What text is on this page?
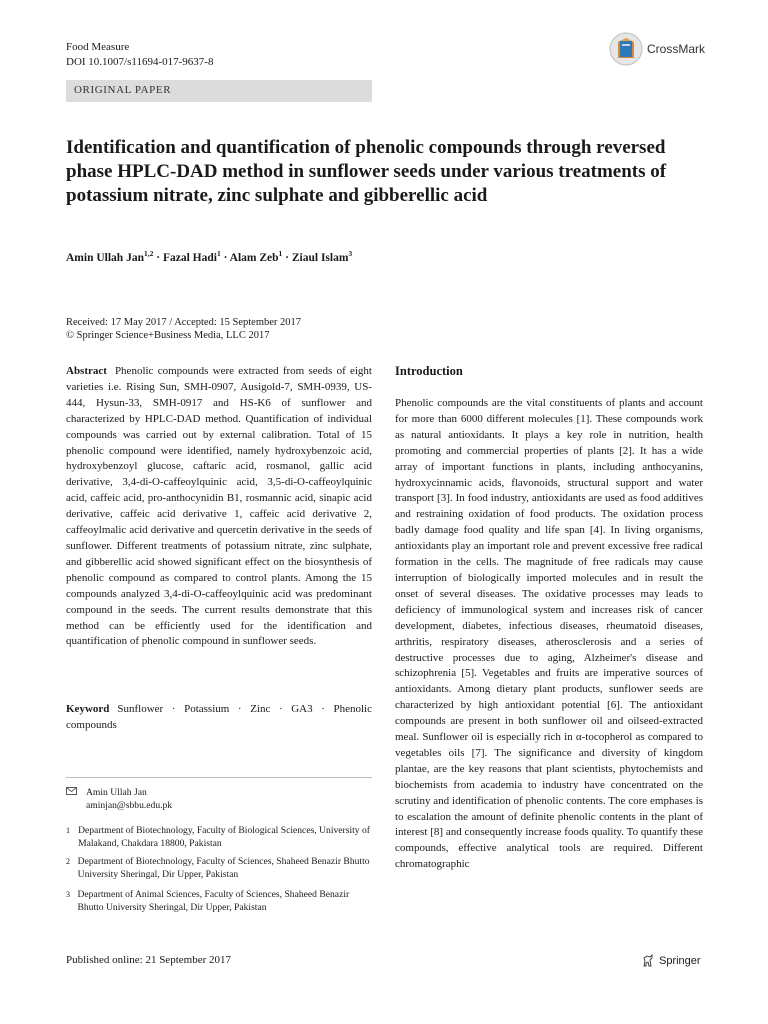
Food Measure
DOI 10.1007/s11694-017-9637-8
CrossMark
ORIGINAL PAPER
Identification and quantification of phenolic compounds through reversed phase HPLC-DAD method in sunflower seeds under various treatments of potassium nitrate, zinc sulphate and gibberellic acid
Amin Ullah Jan$^{1,2}$ · Fazal Hadi$^1$ · Alam Zeb$^1$ · Ziaul Islam$^3$
Received: 17 May 2017 / Accepted: 15 September 2017
© Springer Science+Business Media, LLC 2017
Abstract Phenolic compounds were extracted from seeds of eight varieties i.e. Rising Sun, SMH-0907, Ausigold-7, SMH-0939, US-444, Hysun-33, SMH-0917 and HS-K6 of sunflower and characterized by HPLC-DAD method. Quantification of individual compounds was carried out by external calibration. Total of 15 phenolic compound were identified, namely hydroxybenzoic acid, hydroxybenzoyl glucose, caftaric acid, rosmanol, gallic acid derivative, 3,4-di-O-caffeoylquinic acid, 3,5-di-O-caffeoylquinic acid, caffeic acid, pro-anthocynidin B1, rosmannic acid, sinapic acid derivative, caffeic acid derivative 1, caffeic acid derivative 2, caffeoylmalic acid derivative and quercetin derivative in the seeds of sunflower. Different treatments of potassium nitrate, zinc sulphate, and gibberellic acid showed significant effect on the biosynthesis of phenolic compound as compared to control plants. Among the 15 compounds analyzed 3,4-di-O-caffeoylquinic acid was predominant compound in the seeds. The current results demonstrate that this method can be efficiently used for the identification and quantification of phenolic compound in sunflower seeds.
Keyword Sunflower · Potassium · Zinc · GA3 · Phenolic compounds
Amin Ullah Jan
aminjan@sbbu.edu.pk
1 Department of Biotechnology, Faculty of Biological Sciences, University of Malakand, Chakdara 18800, Pakistan
2 Department of Biotechnology, Faculty of Sciences, Shaheed Benazir Bhutto University Sheringal, Dir Upper, Pakistan
3 Department of Animal Sciences, Faculty of Sciences, Shaheed Benazir Bhutto University Sheringal, Dir Upper, Pakistan
Introduction
Phenolic compounds are the vital constituents of plants and account for more than 6000 different molecules [1]. These compounds work as natural antioxidants. It plays a key role in nutrition, health promoting and commercial properties of plants [2]. It has a wide array of important functions in plants, including anthocyanins, hydroxycinnamic acids, flavonoids, structural support and water transport [3]. In food industry, antioxidants are used as food additives and restraining oxidation of food products. The oxidation process badly damage food quality and life span [4]. In living organisms, antioxidants play an important role and prevent excessive free radical formation in the cells. The magnitude of free radicals may cause interruption of biologically imported molecules and in result the onset of several diseases. The oxidative processes may leads to deficiency of immunological system and increases risk of cancer development, diabetes, infectious diseases, rheumatoid diseases, arthritis, respiratory diseases, atherosclerosis and a series of destructive processes due to aging, Alzheimer's disease and schizophrenia [5]. Vegetables and fruits are imperative sources of antioxidants. Among dietary plant products, sunflower seeds are characterized by high antioxidant potential [6]. The antioxidant compounds are present in both sunflower oil and oilseed-extracted meal. Sunflower oil is especially rich in α-tocopherol as compared to vegetables oils [7]. The significance and diversity of kingdom plantae, are the key reasons that plant scientists, phytochemists and biochemists from academia to industry have concentrated on the scrutiny and identification of phenolic contents. The core emphases is to escalation the amount of definite phenolic contents in the plant of interest [8] and consequently increase foods quality. To quantify these compounds, effective analytical tools are required. Different chromatographic
Published online: 21 September 2017	Springer
